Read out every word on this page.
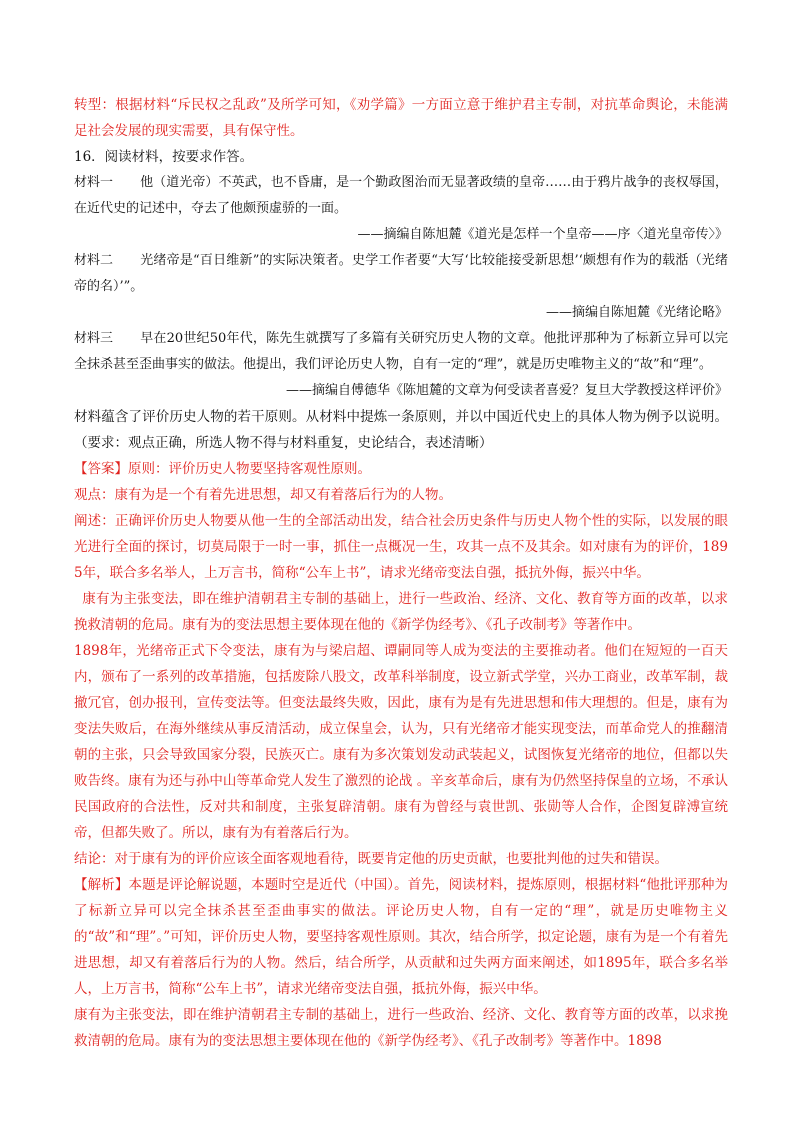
转型：根据材料“斥民权之乱政”及所学可知，《劝学篇》一方面立意于维护君主专制，对抗革命舆论，未能满足社会发展的现实需要，具有保守性。

16．阅读材料，按要求作答。

材料一 他（道光帝）不英武，也不昏庸，是一个勤政图治而无显著政绩的皇帝……由于鸦片战争的丧权辱国，在近代史的记述中，夺去了他颇预虚骄的一面。

——摘编自陈旭麓《道光是怎样一个皇帝——序〈道光皇帝传〉》

材料二 光绪帝是“百日维新”的实际决策者。史学工作者要“大写‘比较能接受新思想’‘颇想有作为的载湉（光绪帝的名）’”。

——摘编自陈旭麓《光绪论略》

材料三 早在20世纪50年代，陈先生就撰写了多篇有关研究历史人物的文章。他批评那种为了标新立异可以完全抹杀甚至歪曲事实的做法。他提出，我们评论历史人物，自有一定的“理”，就是历史唯物主义的“故”和“理”。

——摘编自傅德华《陈旭麓的文章为何受读者喜爱？复旦大学教授这样评价》

材料蕴含了评价历史人物的若干原则。从材料中提炼一条原则，并以中国近代史上的具体人物为例予以说明。（要求：观点正确，所选人物不得与材料重复，史论结合，表述清晰）

【答案】原则：评价历史人物要坚持客观性原则。

观点：康有为是一个有着先进思想，却又有着落后行为的人物。

阐述：正确评价历史人物要从他一生的全部活动出发，结合社会历史条件与历史人物个性的实际，以发展的眼光进行全面的探讨，切莫局限于一时一事，抓住一点概况一生，攻其一点不及其余。如对康有为的评价，1895年，联合多名举人，上万言书，简称“公车上书”，请求光绪帝变法自强，抵抗外侮，振兴中华。

康有为主张变法，即在维护清朝君主专制的基础上，进行一些政治、经济、文化、教育等方面的改革，以求挽救清朝的危局。康有为的变法思想主要体现在他的《新学伪经考》、《孔子改制考》等著作中。

1898年，光绪帝正式下令变法，康有为与梁启超、谭嗣同等人成为变法的主要推动者。他们在短短的一百天内，颁布了一系列的改革措施，包括废除八股文，改革科举制度，设立新式学堂，兴办工商业，改革军制，裁撤冗官，创办报刊，宣传变法等。但变法最终失败，因此，康有为是有先进思想和伟大理想的。但是，康有为变法失败后，在海外继续从事反清活动，成立保皇会，认为，只有光绪帝才能实现变法，而革命党人的推翻清朝的主张，只会导致国家分裂，民族灭亡。康有为多次策划发动武装起义，试图恢复光绪帝的地位，但都以失败告终。康有为还与孙中山等革命党人发生了激烈的论战 。辛亥革命后，康有为仍然坚持保皇的立场，不承认民国政府的合法性，反对共和制度，主张复辟清朝。康有为曾经与袁世凯、张勋等人合作，企图复辟溥宣统帝，但都失败了。所以，康有为有着落后行为。

结论：对于康有为的评价应该全面客观地看待，既要肯定他的历史贡献，也要批判他的过失和错误。

【解析】本题是评论解说题，本题时空是近代（中国）。首先，阅读材料，提炼原则，根据材料“他批评那种为了标新立异可以完全抹杀甚至歪曲事实的做法。评论历史人物，自有一定的“理”，就是历史唯物主义的“故”和“理”。”可知，评价历史人物，要坚持客观性原则。其次，结合所学，拟定论题，康有为是一个有着先进思想，却又有着落后行为的人物。然后，结合所学，从贡献和过失两方面来阐述，如1895年，联合多名举人，上万言书，简称“公车上书”，请求光绪帝变法自强，抵抗外侮，振兴中华。

康有为主张变法，即在维护清朝君主专制的基础上，进行一些政治、经济、文化、教育等方面的改革，以求挽救清朝的危局。康有为的变法思想主要体现在他的《新学伪经考》、《孔子改制考》等著作中。1898
